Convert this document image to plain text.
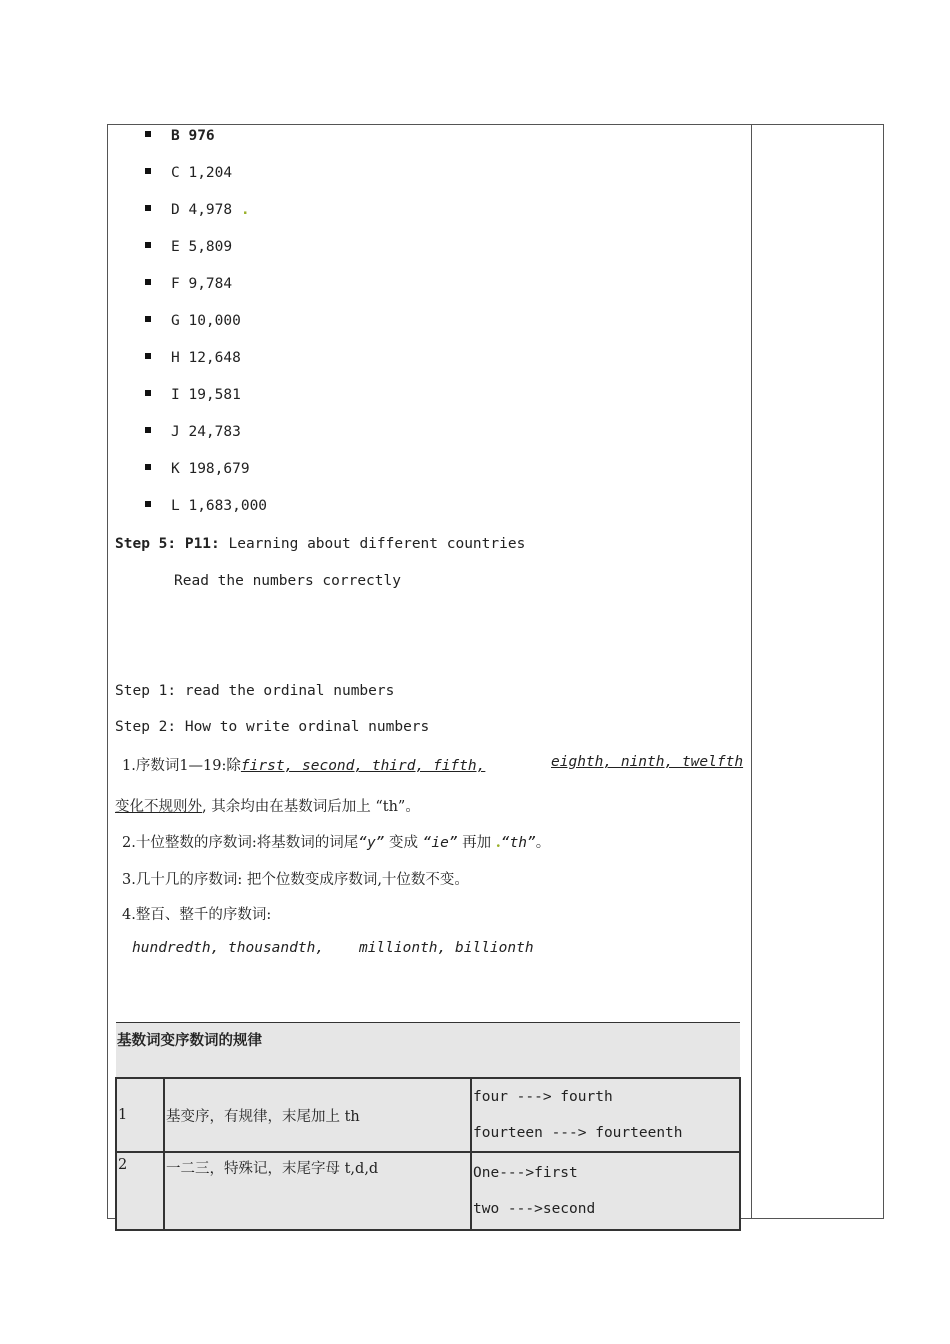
B 976
C 1,204
D 4,978 .
E 5,809
F 9,784
G 10,000
H 12,648
I 19,581
J 24,783
K 198,679
L 1,683,000
Step 5: P11: Learning about different countries
Read the numbers correctly
Step 1: read the ordinal numbers
Step 2: How to write ordinal numbers
1.序数词1—19:除first, second, third, fifth,	eighth, ninth, twelfth
变化不规则外, 其余均由在基数词后加上 “th”。
2.十位整数的序数词:将基数词的词尾“y” 变成 “ie” 再加 .“th”。
3.几十几的序数词: 把个位数变成序数词,十位数不变。
4.整百、整千的序数词:
hundredth, thousandth,    millionth, billionth
基数词变序数词的规律		
1	基变序，有规律，末尾加上 th	four ---> fourth
fourteen ---> fourteenth

2	一二三，特殊记，末尾字母 t,d,d	One--->first
two --->second
